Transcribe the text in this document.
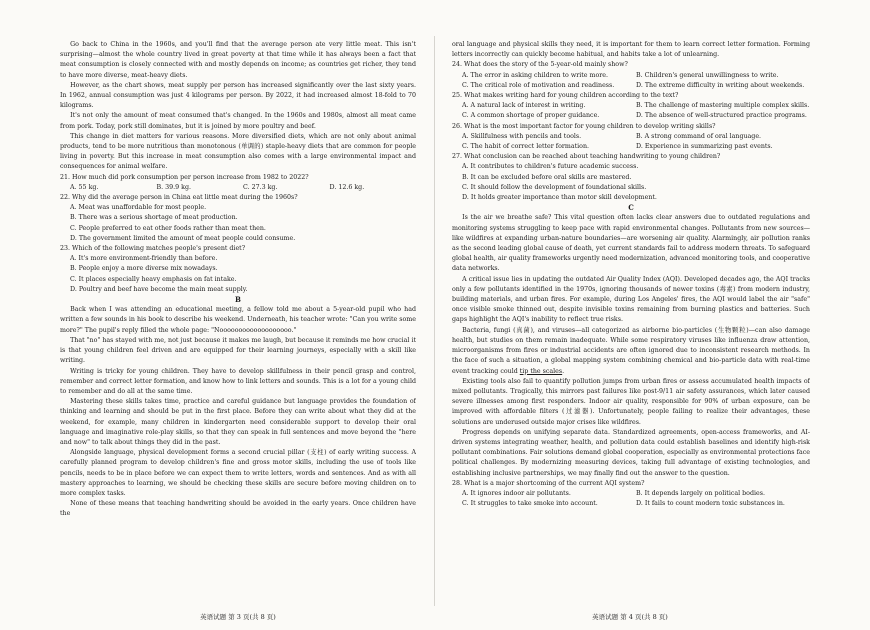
Go back to China in the 1960s, and you'll find that the average person ate very little meat. This isn't surprising—almost the whole country lived in great poverty at that time while it has always been a fact that meat consumption is closely connected with and mostly depends on income; as countries get richer, they tend to have more diverse, meat-heavy diets.

However, as the chart shows, meat supply per person has increased significantly over the last sixty years. In 1962, annual consumption was just 4 kilograms per person. By 2022, it had increased almost 18-fold to 70 kilograms.

It's not only the amount of meat consumed that's changed. In the 1960s and 1980s, almost all meat came from pork. Today, pork still dominates, but it is joined by more poultry and beef.

This change in diet matters for various reasons. More diversified diets, which are not only about animal products, tend to be more nutritious than monotonous (单调的) staple-heavy diets that are common for people living in poverty. But this increase in meat consumption also comes with a large environmental impact and consequences for animal welfare.

21. How much did pork consumption per person increase from 1982 to 2022?
A. 55 kg.	B. 39.9 kg.	C. 27.3 kg.	D. 12.6 kg.
22. Why did the average person in China eat little meat during the 1960s?
A. Meat was unaffordable for most people.
B. There was a serious shortage of meat production.
C. People preferred to eat other foods rather than meat then.
D. The government limited the amount of meat people could consume.
23. Which of the following matches people's present diet?
A. It's more environment-friendly than before.
B. People enjoy a more diverse mix nowadays.
C. It places especially heavy emphasis on fat intake.
D. Poultry and beef have become the main meat supply.
B

Back when I was attending an educational meeting, a fellow told me about a 5-year-old pupil who had written a few sounds in his book to describe his weekend. Underneath, his teacher wrote: "Can you write some more?" The pupil's reply filled the whole page: "Nooooooooooooooooooo."

That "no" has stayed with me, not just because it makes me laugh, but because it reminds me how crucial it is that young children feel driven and are equipped for their learning journeys, especially with a skill like writing.

Writing is tricky for young children. They have to develop skillfulness in their pencil grasp and control, remember and correct letter formation, and know how to link letters and sounds. This is a lot for a young child to remember and do all at the same time.

Mastering these skills takes time, practice and careful guidance but language provides the foundation of thinking and learning and should be put in the first place. Before they can write about what they did at the weekend, for example, many children in kindergarten need considerable support to develop their oral language and imaginative role-play skills, so that they can speak in full sentences and move beyond the "here and now" to talk about things they did in the past.

Alongside language, physical development forms a second crucial pillar (支柱) of early writing success. A carefully planned program to develop children's fine and gross motor skills, including the use of tools like pencils, needs to be in place before we can expect them to write letters, words and sentences. And as with all mastery approaches to learning, we should be checking these skills are secure before moving children on to more complex tasks.

None of these means that teaching handwriting should be avoided in the early years. Once children have the

oral language and physical skills they need, it is important for them to learn correct letter formation. Forming letters incorrectly can quickly become habitual, and habits take a lot of unlearning.

24. What does the story of the 5-year-old mainly show?
A. The error in asking children to write more.	B. Children's general unwillingness to write.
C. The critical role of motivation and readiness.	D. The extreme difficulty in writing about weekends.
25. What makes writing hard for young children according to the text?
A. A natural lack of interest in writing.	B. The challenge of mastering multiple complex skills.
C. A common shortage of proper guidance.	D. The absence of well-structured practice programs.
26. What is the most important factor for young children to develop writing skills?
A. Skillfulness with pencils and tools.	B. A strong command of oral language.
C. The habit of correct letter formation.	D. Experience in summarizing past events.
27. What conclusion can be reached about teaching handwriting to young children?
A. It contributes to children's future academic success.
B. It can be excluded before oral skills are mastered.
C. It should follow the development of foundational skills.
D. It holds greater importance than motor skill development.
C

Is the air we breathe safe? This vital question often lacks clear answers due to outdated regulations and monitoring systems struggling to keep pace with rapid environmental changes. Pollutants from new sources—like wildfires at expanding urban-nature boundaries—are worsening air quality. Alarmingly, air pollution ranks as the second leading global cause of death, yet current standards fail to address modern threats. To safeguard global health, air quality frameworks urgently need modernization, advanced monitoring tools, and cooperative data networks.

A critical issue lies in updating the outdated Air Quality Index (AQI). Developed decades ago, the AQI tracks only a few pollutants identified in the 1970s, ignoring thousands of newer toxins (毒素) from modern industry, building materials, and urban fires. For example, during Los Angeles' fires, the AQI would label the air "safe" once visible smoke thinned out, despite invisible toxins remaining from burning plastics and batteries. Such gaps highlight the AQI's inability to reflect true risks.

Bacteria, fungi (真菌), and viruses—all categorized as airborne bio-particles (生物颗粒)—can also damage health, but studies on them remain inadequate. While some respiratory viruses like influenza draw attention, microorganisms from fires or industrial accidents are often ignored due to inconsistent research methods. In the face of such a situation, a global mapping system combining chemical and bio-particle data with real-time event tracking could tip the scales.

Existing tools also fail to quantify pollution jumps from urban fires or assess accumulated health impacts of mixed pollutants. Tragically, this mirrors past failures like post-9/11 air safety assurances, which later caused severe illnesses among first responders. Indoor air quality, responsible for 90% of urban exposure, can be improved with affordable filters (过滤器). Unfortunately, people failing to realize their advantages, these solutions are underused outside major crises like wildfires.

Progress depends on unifying separate data. Standardized agreements, open-access frameworks, and AI-driven systems integrating weather, health, and pollution data could establish baselines and identify high-risk pollutant combinations. Fair solutions demand global cooperation, especially as environmental protections face political challenges. By modernizing measuring devices, taking full advantage of existing technologies, and establishing inclusive partnerships, we may finally find out the answer to the question.

28. What is a major shortcoming of the current AQI system?
A. It ignores indoor air pollutants.	B. It depends largely on political bodies.
C. It struggles to take smoke into account.	D. It fails to count modern toxic substances in.
英语试题 第 3 页(共 8 页)	英语试题 第 4 页(共 8 页)
